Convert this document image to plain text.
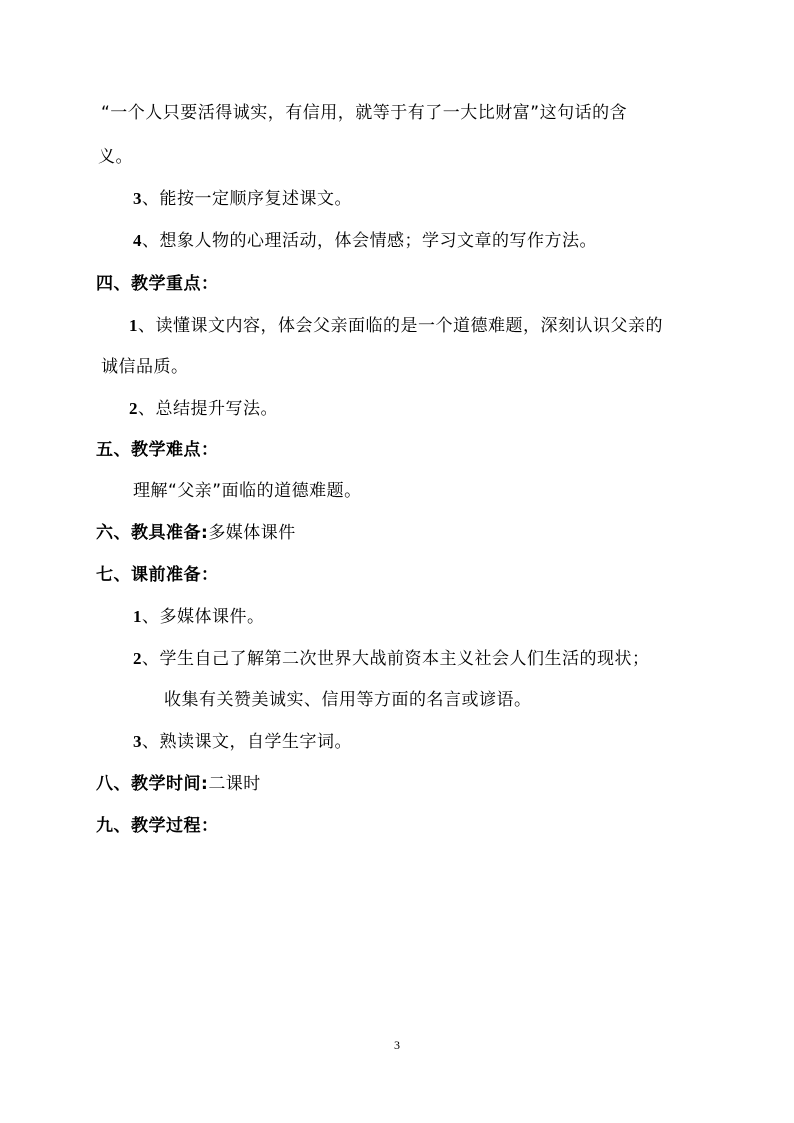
“一个人只要活得诚实，有信用，就等于有了一大比财富”这句话的含
义。
3、能按一定顺序复述课文。
4、想象人物的心理活动，体会情感；学习文章的写作方法。
四、教学重点：
1、读懂课文内容，体会父亲面临的是一个道德难题，深刻认识父亲的
诚信品质。
2、总结提升写法。
五、教学难点：
理解“父亲”面临的道德难题。
六、教具准备:多媒体课件
七、课前准备：
1、多媒体课件。
2、学生自己了解第二次世界大战前资本主义社会人们生活的现状；
收集有关赞美诚实、信用等方面的名言或谚语。
3、熟读课文，自学生字词。
八、教学时间:二课时
九、教学过程：
3
